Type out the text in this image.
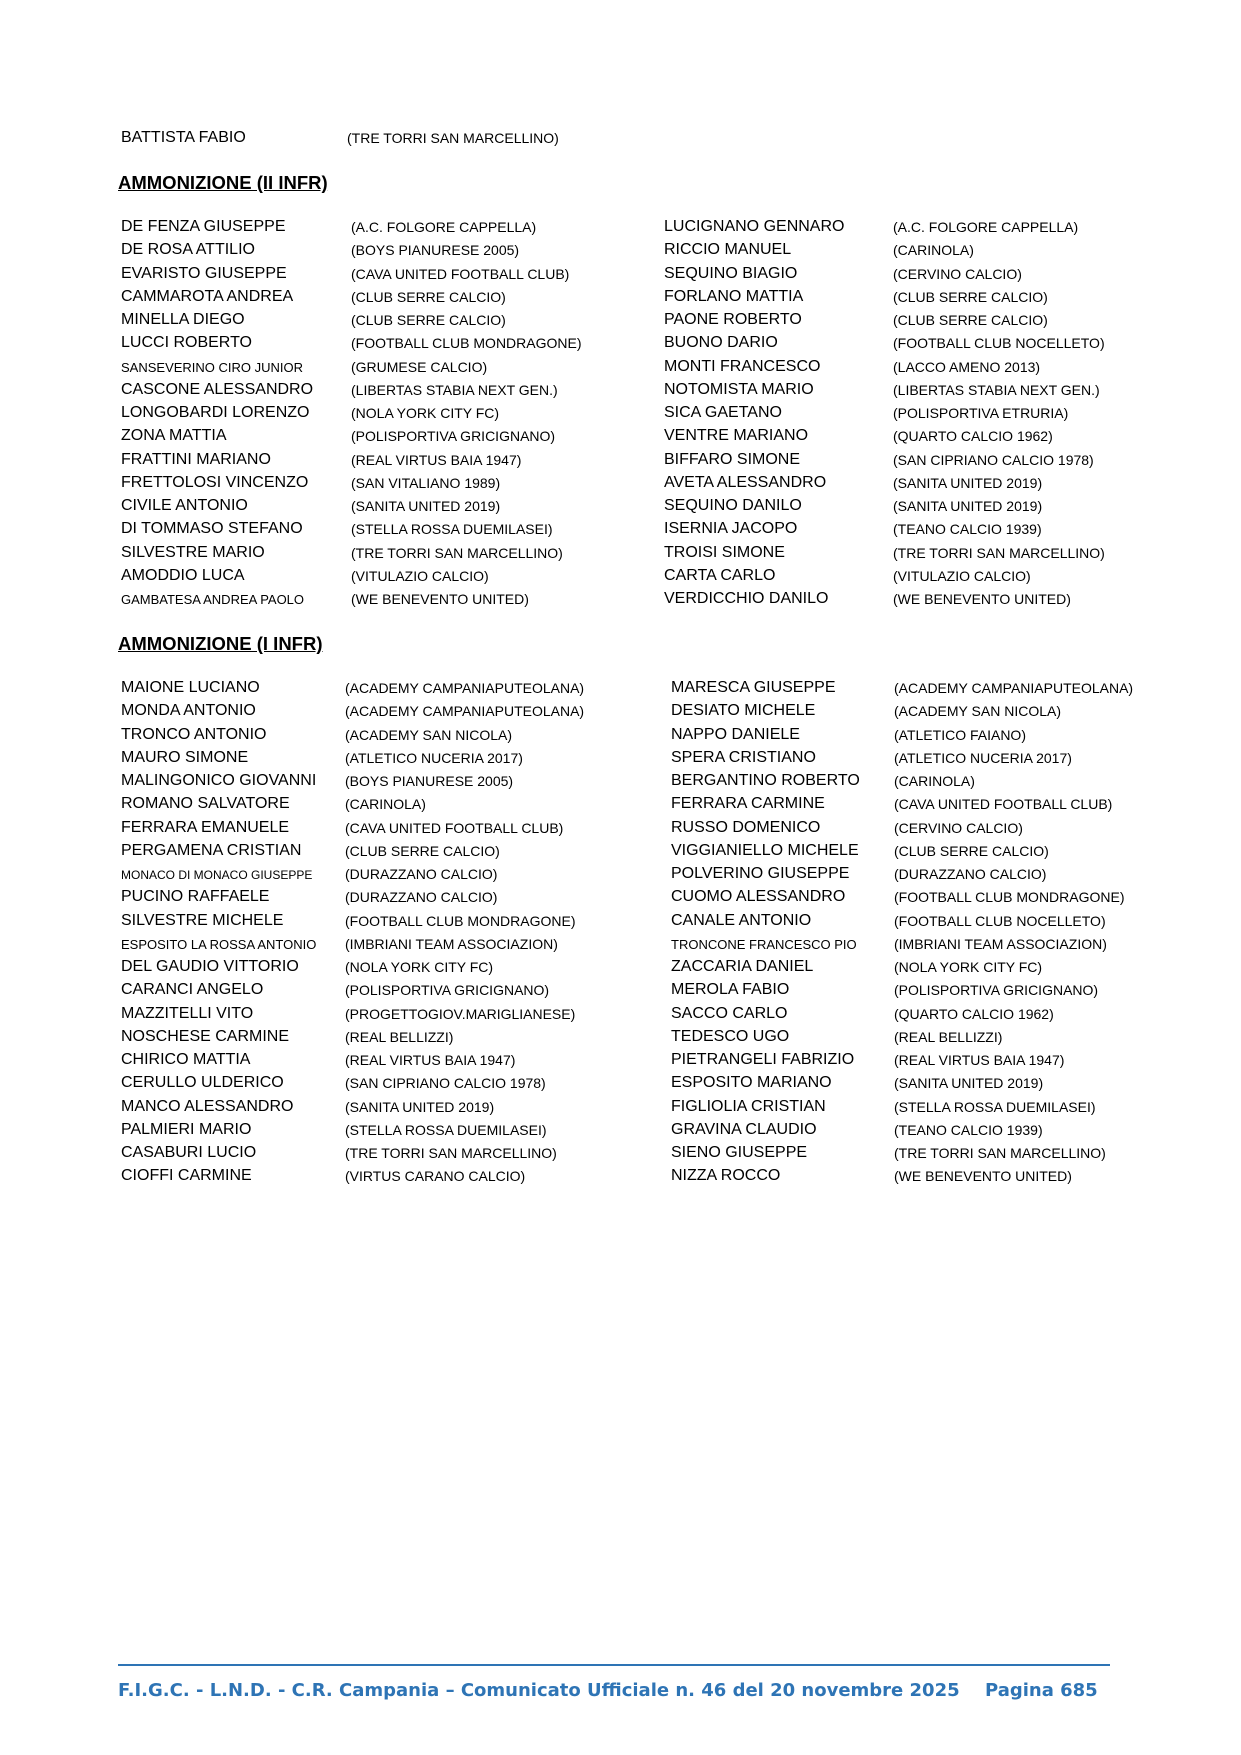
BATTISTA FABIO	(TRE TORRI SAN MARCELLINO)
AMMONIZIONE (II INFR)
DE FENZA GIUSEPPE	(A.C. FOLGORE CAPPELLA)
DE ROSA ATTILIO	(BOYS PIANURESE 2005)
EVARISTO GIUSEPPE	(CAVA UNITED FOOTBALL CLUB)
CAMMAROTA ANDREA	(CLUB SERRE CALCIO)
MINELLA DIEGO	(CLUB SERRE CALCIO)
LUCCI ROBERTO	(FOOTBALL CLUB MONDRAGONE)
SANSEVERINO CIRO JUNIOR	(GRUMESE CALCIO)
CASCONE ALESSANDRO	(LIBERTAS STABIA NEXT GEN.)
LONGOBARDI LORENZO	(NOLA YORK CITY FC)
ZONA MATTIA	(POLISPORTIVA GRICIGNANO)
FRATTINI MARIANO	(REAL VIRTUS BAIA 1947)
FRETTOLOSI VINCENZO	(SAN VITALIANO 1989)
CIVILE ANTONIO	(SANITA UNITED 2019)
DI TOMMASO STEFANO	(STELLA ROSSA DUEMILASEI)
SILVESTRE MARIO	(TRE TORRI SAN MARCELLINO)
AMODDIO LUCA	(VITULAZIO CALCIO)
GAMBATESA ANDREA PAOLO	(WE BENEVENTO UNITED)
LUCIGNANO GENNARO	(A.C. FOLGORE CAPPELLA)
RICCIO MANUEL	(CARINOLA)
SEQUINO BIAGIO	(CERVINO CALCIO)
FORLANO MATTIA	(CLUB SERRE CALCIO)
PAONE ROBERTO	(CLUB SERRE CALCIO)
BUONO DARIO	(FOOTBALL CLUB NOCELLETO)
MONTI FRANCESCO	(LACCO AMENO 2013)
NOTOMISTA MARIO	(LIBERTAS STABIA NEXT GEN.)
SICA GAETANO	(POLISPORTIVA ETRURIA)
VENTRE MARIANO	(QUARTO CALCIO 1962)
BIFFARO SIMONE	(SAN CIPRIANO CALCIO 1978)
AVETA ALESSANDRO	(SANITA UNITED 2019)
SEQUINO DANILO	(SANITA UNITED 2019)
ISERNIA JACOPO	(TEANO CALCIO 1939)
TROISI SIMONE	(TRE TORRI SAN MARCELLINO)
CARTA CARLO	(VITULAZIO CALCIO)
VERDICCHIO DANILO	(WE BENEVENTO UNITED)
AMMONIZIONE (I INFR)
MAIONE LUCIANO	(ACADEMY CAMPANIAPUTEOLANA)
MONDA ANTONIO	(ACADEMY CAMPANIAPUTEOLANA)
TRONCO ANTONIO	(ACADEMY SAN NICOLA)
MAURO SIMONE	(ATLETICO NUCERIA 2017)
MALINGONICO GIOVANNI (BOYS PIANURESE 2005)
ROMANO SALVATORE	(CARINOLA)
FERRARA EMANUELE	(CAVA UNITED FOOTBALL CLUB)
PERGAMENA CRISTIAN	(CLUB SERRE CALCIO)
MONACO DI MONACO GIUSEPPE (DURAZZANO CALCIO)
PUCINO RAFFAELE	(DURAZZANO CALCIO)
SILVESTRE MICHELE	(FOOTBALL CLUB MONDRAGONE)
ESPOSITO LA ROSSA ANTONIO (IMBRIANI TEAM ASSOCIAZION)
DEL GAUDIO VITTORIO	(NOLA YORK CITY FC)
CARANCI ANGELO	(POLISPORTIVA GRICIGNANO)
MAZZITELLI VITO	(PROGETTOGIOV.MARIGLIANESE)
NOSCHESE CARMINE	(REAL BELLIZZI)
CHIRICO MATTIA	(REAL VIRTUS BAIA 1947)
CERULLO ULDERICO	(SAN CIPRIANO CALCIO 1978)
MANCO ALESSANDRO	(SANITA UNITED 2019)
PALMIERI MARIO	(STELLA ROSSA DUEMILASEI)
CASABURI LUCIO	(TRE TORRI SAN MARCELLINO)
CIOFFI CARMINE	(VIRTUS CARANO CALCIO)
MARESCA GIUSEPPE	(ACADEMY CAMPANIAPUTEOLANA)
DESIATO MICHELE	(ACADEMY SAN NICOLA)
NAPPO DANIELE	(ATLETICO FAIANO)
SPERA CRISTIANO	(ATLETICO NUCERIA 2017)
BERGANTINO ROBERTO (CARINOLA)
FERRARA CARMINE	(CAVA UNITED FOOTBALL CLUB)
RUSSO DOMENICO	(CERVINO CALCIO)
VIGGIANIELLO MICHELE	(CLUB SERRE CALCIO)
POLVERINO GIUSEPPE	(DURAZZANO CALCIO)
CUOMO ALESSANDRO	(FOOTBALL CLUB MONDRAGONE)
CANALE ANTONIO	(FOOTBALL CLUB NOCELLETO)
TRONCONE FRANCESCO PIO	(IMBRIANI TEAM ASSOCIAZION)
ZACCARIA DANIEL	(NOLA YORK CITY FC)
MEROLA FABIO	(POLISPORTIVA GRICIGNANO)
SACCO CARLO	(QUARTO CALCIO 1962)
TEDESCO UGO	(REAL BELLIZZI)
PIETRANGELI FABRIZIO	(REAL VIRTUS BAIA 1947)
ESPOSITO MARIANO	(SANITA UNITED 2019)
FIGLIOLIA CRISTIAN	(STELLA ROSSA DUEMILASEI)
GRAVINA CLAUDIO	(TEANO CALCIO 1939)
SIENO GIUSEPPE	(TRE TORRI SAN MARCELLINO)
NIZZA ROCCO	(WE BENEVENTO UNITED)
F.I.G.C. - L.N.D. - C.R. Campania – Comunicato Ufficiale n. 46 del 20 novembre 2025 Pagina 685
